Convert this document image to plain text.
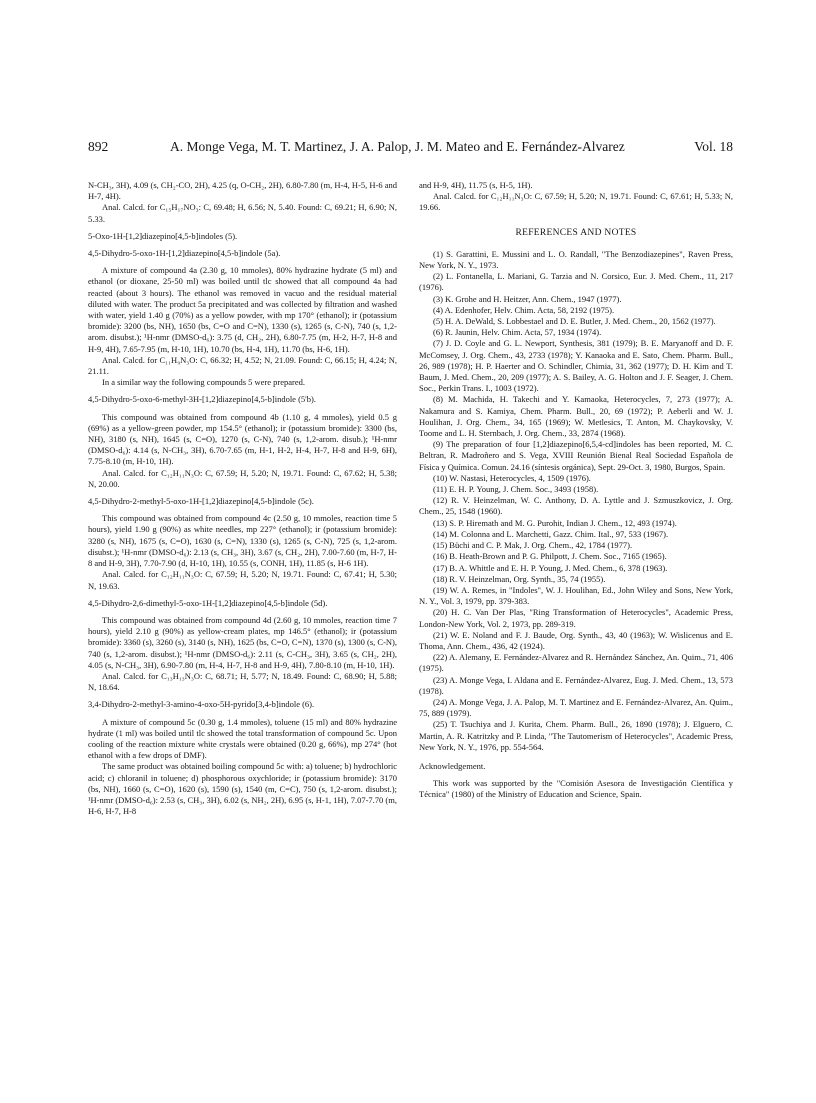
892	A. Monge Vega, M. T. Martinez, J. A. Palop, J. M. Mateo and E. Fernández-Alvarez	Vol. 18

N-CH₃, 3H), 4.09 (s, CH₂-CO, 2H), 4.25 (q, O-CH₂, 2H), 6.80-7.80 (m, H-4, H-5, H-6 and H-7, 4H).

Anal. Calcd. for C₁₅H₁₇NO₃: C, 69.48; H, 6.56; N, 5.40. Found: C, 69.21; H, 6.90; N, 5.33.

5-Oxo-1H-[1,2]diazepino[4,5-b]indoles (5).

4,5-Dihydro-5-oxo-1H-[1,2]diazepino[4,5-b]indole (5a).

A mixture of compound 4a (2.30 g, 10 mmoles), 80% hydrazine hydrate (5 ml) and ethanol (or dioxane, 25-50 ml) was boiled until tlc showed that all compound 4a had reacted (about 3 hours). The ethanol was removed in vacuo and the residual material diluted with water. The product 5a precipitated and was collected by filtration and washed with water, yield 1.40 g (70%) as a yellow powder, with mp 170° (ethanol); ir (potassium bromide): 3200 (bs, NH), 1650 (bs, C=O and C=N), 1330 (s), 1265 (s, C-N), 740 (s, 1,2-arom. disubst.); ¹H-nmr (DMSO-d₆): 3.75 (d, CH₂, 2H), 6.80-7.75 (m, H-2, H-7, H-8 and H-9, 4H), 7.65-7.95 (m, H-10, 1H), 10.70 (bs, H-4, 1H), 11.70 (bs, H-6, 1H).

Anal. Calcd. for C₁₁H₉N₃O: C, 66.32; H, 4.52; N, 21.09. Found: C, 66.15; H, 4.24; N, 21.11.

In a similar way the following compounds 5 were prepared.

4,5-Dihydro-5-oxo-6-methyl-3H-[1,2]diazepino[4,5-b]indole (5'b).

This compound was obtained from compound 4b (1.10 g, 4 mmoles), yield 0.5 g (69%) as a yellow-green powder, mp 154.5° (ethanol); ir (potassium bromide): 3300 (bs, NH), 3180 (s, NH), 1645 (s, C=O), 1270 (s, C-N), 740 (s, 1,2-arom. disub.); ¹H-nmr (DMSO-d₆): 4.14 (s, N-CH₃, 3H), 6.70-7.65 (m, H-1, H-2, H-4, H-7, H-8 and H-9, 6H), 7.75-8.10 (m, H-10, 1H).

Anal. Calcd. for C₁₂H₁₁N₃O: C, 67.59; H, 5.20; N, 19.71. Found: C, 67.62; H, 5.38; N, 20.00.

4,5-Dihydro-2-methyl-5-oxo-1H-[1,2]diazepino[4,5-b]indole (5c).

This compound was obtained from compound 4c (2.50 g, 10 mmoles, reaction time 5 hours), yield 1.90 g (90%) as white needles, mp 227° (ethanol); ir (potassium bromide): 3280 (s, NH), 1675 (s, C=O), 1630 (s, C=N), 1330 (s), 1265 (s, C-N), 725 (s, 1,2-arom. disubst.); ¹H-nmr (DMSO-d₆): 2.13 (s, CH₃, 3H), 3.67 (s, CH₂, 2H), 7.00-7.60 (m, H-7, H-8 and H-9, 3H), 7.70-7.90 (d, H-10, 1H), 10.55 (s, CONH, 1H), 11.85 (s, H-6 1H).

Anal. Calcd. for C₁₂H₁₁N₃O: C, 67.59; H, 5.20; N, 19.71. Found: C, 67.41; H, 5.30; N, 19.63.

4,5-Dihydro-2,6-dimethyl-5-oxo-1H-[1,2]diazepino[4,5-b]indole (5d).

This compound was obtained from compound 4d (2.60 g, 10 mmoles, reaction time 7 hours), yield 2.10 g (90%) as yellow-cream plates, mp 146.5° (ethanol); ir (potassium bromide): 3360 (s), 3260 (s), 3140 (s, NH), 1625 (bs, C=O, C=N), 1370 (s), 1300 (s, C-N), 740 (s, 1,2-arom. disubst.); ¹H-nmr (DMSO-d₆): 2.11 (s, C-CH₃, 3H), 3.65 (s, CH₂, 2H), 4.05 (s, N-CH₃, 3H), 6.90-7.80 (m, H-4, H-7, H-8 and H-9, 4H), 7.80-8.10 (m, H-10, 1H).

Anal. Calcd. for C₁₃H₁₃N₃O: C, 68.71; H, 5.77; N, 18.49. Found: C, 68.90; H, 5.88; N, 18.64.

3,4-Dihydro-2-methyl-3-amino-4-oxo-5H-pyrido[3,4-b]indole (6).

A mixture of compound 5c (0.30 g, 1.4 mmoles), toluene (15 ml) and 80% hydrazine hydrate (1 ml) was boiled until tlc showed the total transformation of compound 5c. Upon cooling of the reaction mixture white crystals were obtained (0.20 g, 66%), mp 274° (hot ethanol with a few drops of DMF).

The same product was obtained boiling compound 5c with: a) toluene; b) hydrochloric acid; c) chloranil in toluene; d) phosphorous oxychloride; ir (potassium bromide): 3170 (bs, NH), 1660 (s, C=O), 1620 (s), 1590 (s), 1540 (m, C=C), 750 (s, 1,2-arom. disubst.); ¹H-nmr (DMSO-d₆): 2.53 (s, CH₃, 3H), 6.02 (s, NH₂, 2H), 6.95 (s, H-1, 1H), 7.07-7.70 (m, H-6, H-7, H-8

and H-9, 4H), 11.75 (s, H-5, 1H).

Anal. Calcd. for C₁₂H₁₁N₃O: C, 67.59; H, 5.20; N, 19.71. Found: C, 67.61; H, 5.33; N, 19.66.

REFERENCES AND NOTES

(1) S. Garattini, E. Mussini and L. O. Randall, "The Benzodiazepines", Raven Press, New York, N. Y., 1973.

(2) L. Fontanella, L. Mariani, G. Tarzia and N. Corsico, Eur. J. Med. Chem., 11, 217 (1976).

(3) K. Grohe and H. Heitzer, Ann. Chem., 1947 (1977).

(4) A. Edenhofer, Helv. Chim. Acta, 58, 2192 (1975).

(5) H. A. DeWald, S. Lobbestael and D. E. Butler, J. Med. Chem., 20, 1562 (1977).

(6) R. Jaunin, Helv. Chim. Acta, 57, 1934 (1974).

(7) J. D. Coyle and G. L. Newport, Synthesis, 381 (1979); B. E. Maryanoff and D. F. McComsey, J. Org. Chem., 43, 2733 (1978); Y. Kanaoka and E. Sato, Chem. Pharm. Bull., 26, 989 (1978); H. P. Haerter and O. Schindler, Chimia, 31, 362 (1977); D. H. Kim and T. Baum, J. Med. Chem., 20, 209 (1977); A. S. Bailey, A. G. Holton and J. F. Seager, J. Chem. Soc., Perkin Trans. I., 1003 (1972).

(8) M. Machida, H. Takechi and Y. Kamaoka, Heterocycles, 7, 273 (1977); A. Nakamura and S. Kamiya, Chem. Pharm. Bull., 20, 69 (1972); P. Aeberli and W. J. Houlihan, J. Org. Chem., 34, 165 (1969); W. Metlesics, T. Anton, M. Chaykovsky, V. Toome and L. H. Sternbach, J. Org. Chem., 33, 2874 (1968).

(9) The preparation of four [1,2]diazepino[6,5,4-cd]indoles has been reported, M. C. Beltran, R. Madroñero and S. Vega, XVIII Reunión Bienal Real Sociedad Española de Física y Química. Comun. 24.16 (síntesis orgánica), Sept. 29-Oct. 3, 1980, Burgos, Spain.

(10) W. Nastasi, Heterocycles, 4, 1509 (1976).

(11) E. H. P. Young, J. Chem. Soc., 3493 (1958).

(12) R. V. Heinzelman, W. C. Anthony, D. A. Lyttle and J. Szmuszkovicz, J. Org. Chem., 25, 1548 (1960).

(13) S. P. Hiremath and M. G. Purohit, Indian J. Chem., 12, 493 (1974).

(14) M. Colonna and L. Marchetti, Gazz. Chim. Ital., 97, 533 (1967).

(15) Büchi and C. P. Mak, J. Org. Chem., 42, 1784 (1977).

(16) B. Heath-Brown and P. G. Philpott, J. Chem. Soc., 7165 (1965).

(17) B. A. Whittle and E. H. P. Young, J. Med. Chem., 6, 378 (1963).

(18) R. V. Heinzelman, Org. Synth., 35, 74 (1955).

(19) W. A. Remes, in "Indoles", W. J. Houlihan, Ed., John Wiley and Sons, New York, N. Y., Vol. 3, 1979, pp. 379-383.

(20) H. C. Van Der Plas, "Ring Transformation of Heterocycles", Academic Press, London-New York, Vol. 2, 1973, pp. 289-319.

(21) W. E. Noland and F. J. Baude, Org. Synth., 43, 40 (1963); W. Wislicenus and E. Thoma, Ann. Chem., 436, 42 (1924).

(22) A. Alemany, E. Fernández-Alvarez and R. Hernández Sánchez, An. Quim., 71, 406 (1975).

(23) A. Monge Vega, I. Aldana and E. Fernández-Alvarez, Eug. J. Med. Chem., 13, 573 (1978).

(24) A. Monge Vega, J. A. Palop, M. T. Martinez and E. Fernández-Alvarez, An. Quim., 75, 889 (1979).

(25) T. Tsuchiya and J. Kurita, Chem. Pharm. Bull., 26, 1890 (1978); J. Elguero, C. Martin, A. R. Katritzky and P. Linda, "The Tautomerism of Heterocycles", Academic Press, New York, N. Y., 1976, pp. 554-564.

Acknowledgement.

This work was supported by the "Comisión Asesora de Investigación Científica y Técnica" (1980) of the Ministry of Education and Science, Spain.
